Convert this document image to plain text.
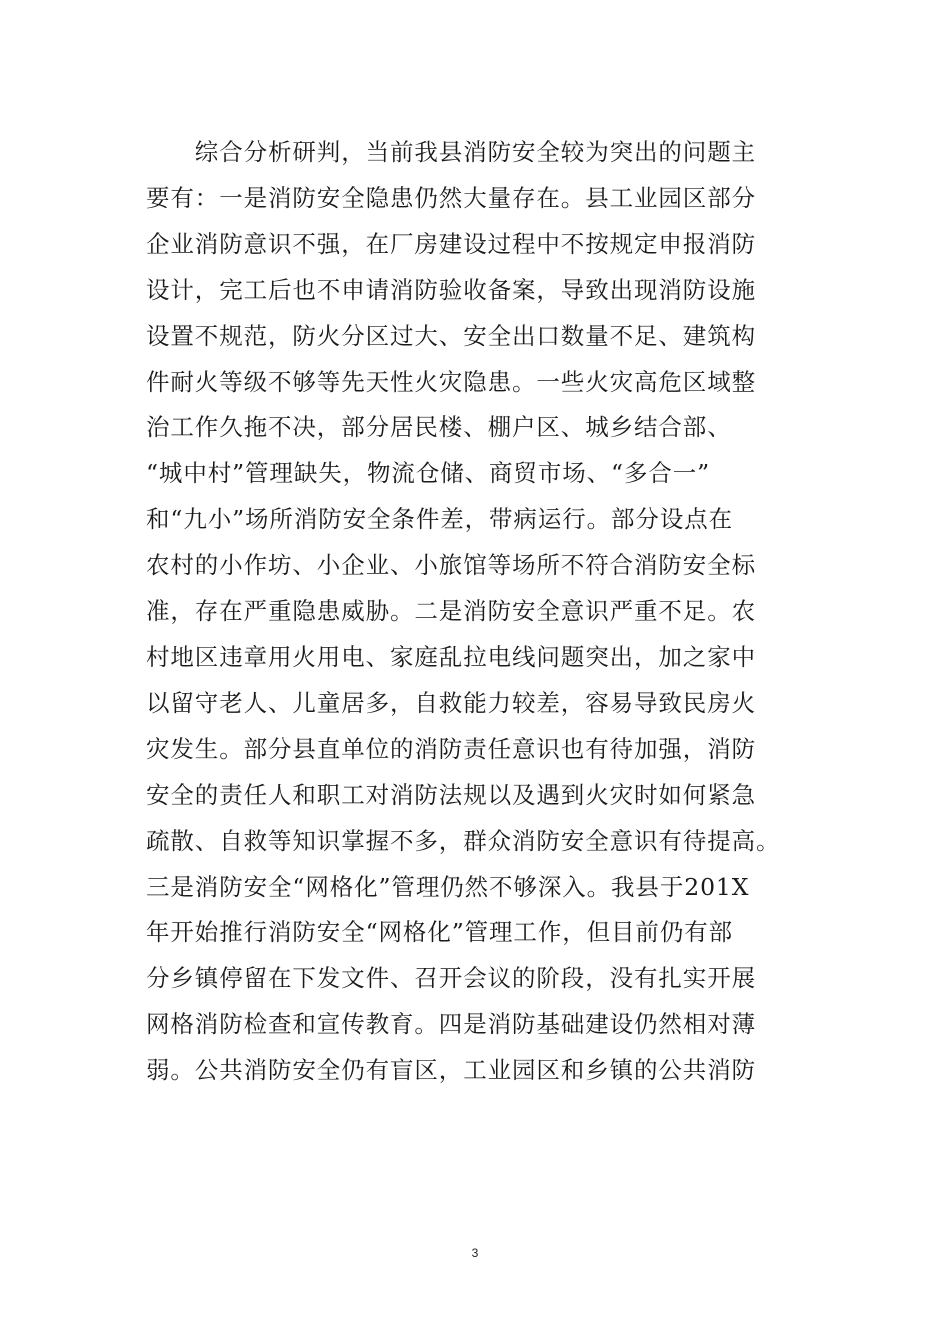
　　综合分析研判，当前我县消防安全较为突出的问题主
要有：一是消防安全隐患仍然大量存在。县工业园区部分
企业消防意识不强，在厂房建设过程中不按规定申报消防
设计，完工后也不申请消防验收备案，导致出现消防设施
设置不规范，防火分区过大、安全出口数量不足、建筑构
件耐火等级不够等先天性火灾隐患。一些火灾高危区域整
治工作久拖不决，部分居民楼、棚户区、城乡结合部、
“城中村”管理缺失，物流仓储、商贸市场、“多合一”
和“九小”场所消防安全条件差，带病运行。部分设点在
农村的小作坊、小企业、小旅馆等场所不符合消防安全标
准，存在严重隐患威胁。二是消防安全意识严重不足。农
村地区违章用火用电、家庭乱拉电线问题突出，加之家中
以留守老人、儿童居多，自救能力较差，容易导致民房火
灾发生。部分县直单位的消防责任意识也有待加强，消防
安全的责任人和职工对消防法规以及遇到火灾时如何紧急
疏散、自救等知识掌握不多，群众消防安全意识有待提高。
三是消防安全“网格化”管理仍然不够深入。我县于201X
年开始推行消防安全“网格化”管理工作，但目前仍有部
分乡镇停留在下发文件、召开会议的阶段，没有扎实开展
网格消防检查和宣传教育。四是消防基础建设仍然相对薄
弱。公共消防安全仍有盲区，工业园区和乡镇的公共消防
3
